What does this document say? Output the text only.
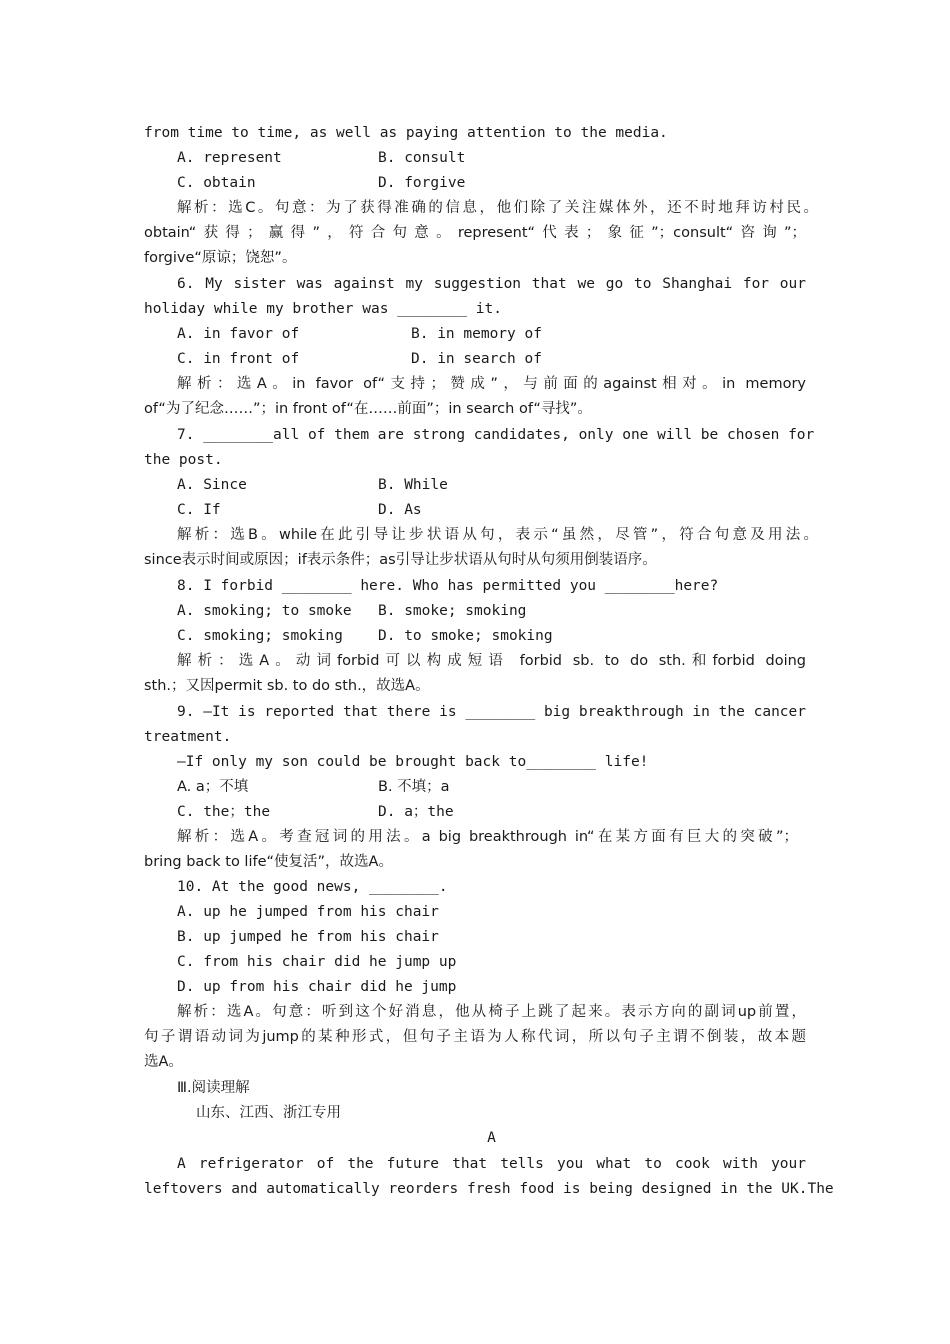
from time to time, as well as paying attention to the media.
A. represent	B. consult
C. obtain	D. forgive
解析：选C。句意：为了获得准确的信息，他们除了关注媒体外，还不时地拜访村民。
obtain“获得；赢得”，符合句意。represent“代表；象征”；consult“咨询”；
forgive“原谅；饶恕”。
6. My sister was against my suggestion that we go to Shanghai for our
holiday while my brother was ________ it.
A. in favor of	B. in memory of
C. in front of	D. in search of
解析：选A。in favor of“支持；赞成”，与前面的against相对。in memory
of“为了纪念……”；in front of“在……前面”；in search of“寻找”。
7. ________all of them are strong candidates, only one will be chosen for
the post.
A. Since	B. While
C. If	D. As
解析：选B。while在此引导让步状语从句，表示“虽然，尽管”，符合句意及用法。
since表示时间或原因；if表示条件；as引导让步状语从句时从句须用倒装语序。
8. I forbid ________ here. Who has permitted you ________here?
A. smoking; to smoke B. smoke; smoking
C. smoking; smoking D. to smoke; smoking
解析：选A。动词forbid可以构成短语 forbid sb. to do sth.和forbid doing
sth.；又因permit sb. to do sth.，故选A。
9. —It is reported that there is ________ big breakthrough in the cancer
treatment.
—If only my son could be brought back to________ life!
A. a；不填	B. 不填；a
C. the；the	D. a；the
解析：选A。考查冠词的用法。a big breakthrough in“在某方面有巨大的突破”；
bring back to life“使复活”，故选A。
10. At the good news, ________.
A. up he jumped from his chair
B. up jumped he from his chair
C. from his chair did he jump up
D. up from his chair did he jump
解析：选A。句意：听到这个好消息，他从椅子上跳了起来。表示方向的副词up前置，
句子谓语动词为jump的某种形式，但句子主语为人称代词，所以句子主谓不倒装，故本题
选A。
Ⅲ.阅读理解
山东、江西、浙江专用
A
A refrigerator of the future that tells you what to cook with your
leftovers and automatically reorders fresh food is being designed in the UK.The
